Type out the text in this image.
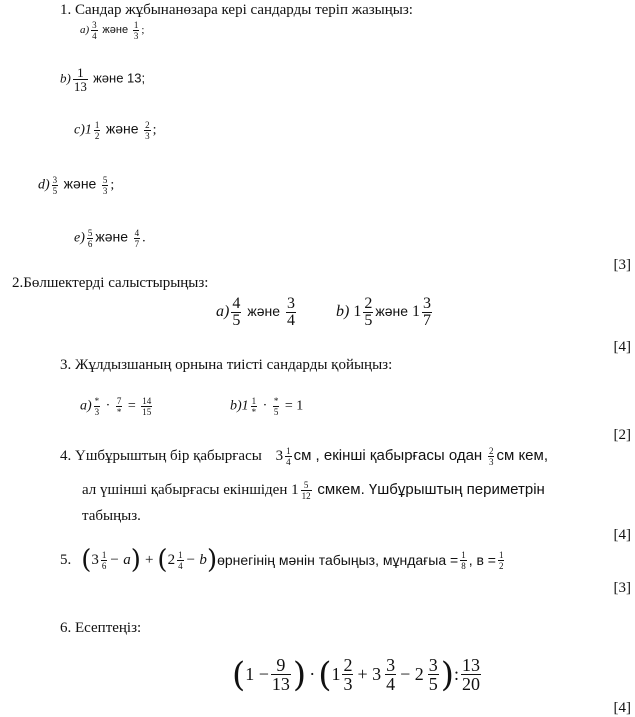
1. Сандар жұбынанөзара кері сандарды теріп жазыңыз:
$a) \frac{3}{4}$ және $\frac{1}{3}$ ;
$b) \frac{1}{13}$ және 13;
$c)1 \frac{1}{2}$ және $\frac{2}{3}$ ;
$d) \frac{3}{5}$ және $\frac{5}{3}$ ;
$e) \frac{5}{6}$ және $\frac{4}{7}$ .
[3]
2.Бөлшектерді салыстырыңыз:
$a) \frac{4}{5}$ және $\frac{3}{4}$	b) $1 \frac{2}{5}$ және $1 \frac{3}{7}$
[4]
3. Жұлдызшаның орнына тиісті сандарды қойыңыз:
$a) \frac{*}{3} \cdot \frac{7}{*} = \frac{14}{15}$	$b)1 \frac{1}{*} \cdot \frac{*}{5} = 1$
[2]
4. Үшбұрыштың бір қабырғасы $3 \frac{1}{4}$ см , екінші қабырғасы одан $\frac{2}{3}$ см кем,
ал үшінші қабырғасы екіншіден $1 \frac{5}{12}$ смкем. Үшбұрыштың периметрін
табыңыз.
[4]
5. ( $3 \frac{1}{6} - a$ ) + ( $2 \frac{1}{4} - b$ ) өрнегінің мәнін табыңыз, мұндағыа = $\frac{1}{8}$ , $в = \frac{1}{2}$
[3]
6. Есептеңіз:
( $1 - \frac{9}{13}$ ) · ( $1 \frac{2}{3} + 3 \frac{3}{4} - 2 \frac{3}{5}$ ) : $\frac{13}{20}$
[4]
